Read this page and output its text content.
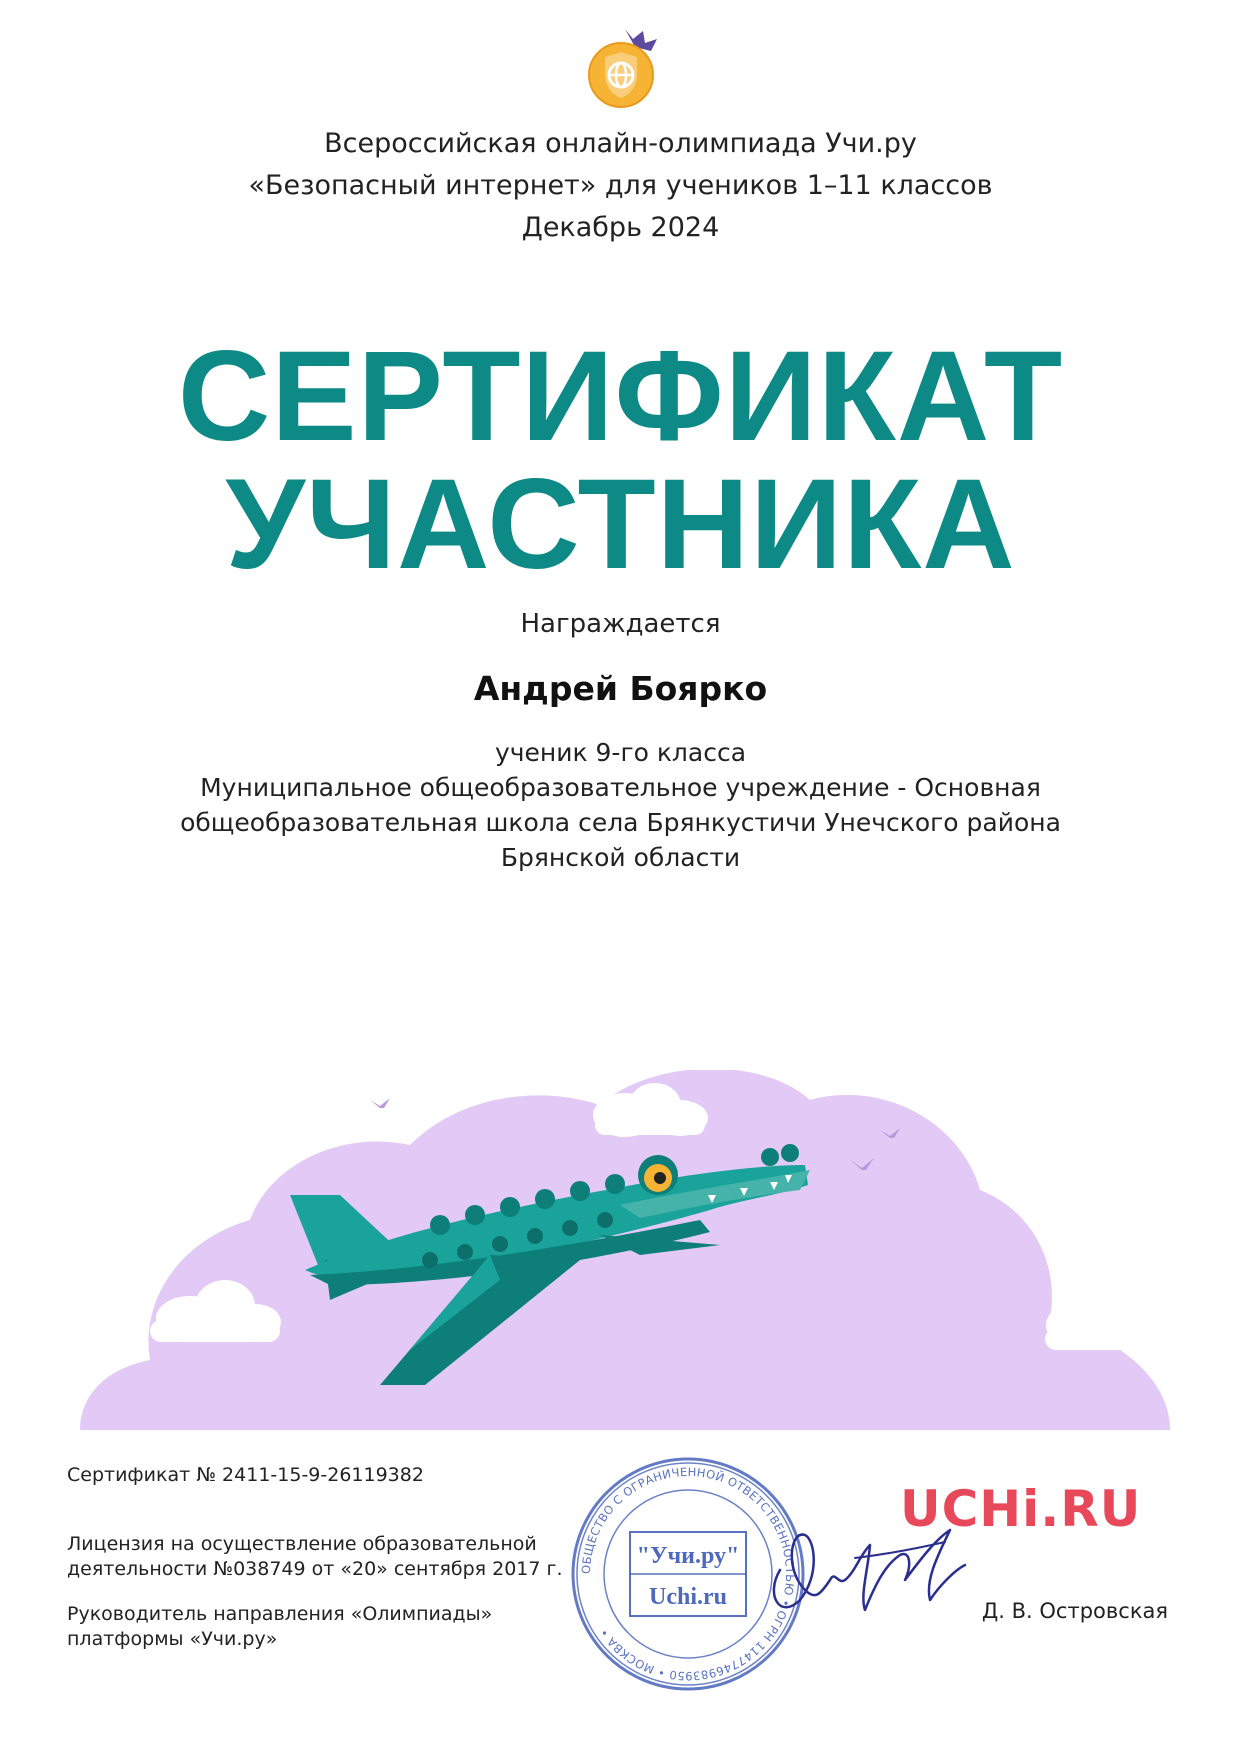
Всероссийская онлайн-олимпиада Учи.ру
«Безопасный интернет» для учеников 1–11 классов
Декабрь 2024
СЕРТИФИКАТ
УЧАСТНИКА
Награждается
Андрей Боярко
ученик 9-го класса
Муниципальное общеобразовательное учреждение - Основная
общеобразовательная школа села Брянкустичи Унечского района
Брянской области
Сертификат № 2411-15-9-26119382
Лицензия на осуществление образовательной
деятельности №038749 от «20» сентября 2017 г.
Руководитель направления «Олимпиады»
платформы «Учи.ру»
ОБЩЕСТВО С ОГРАНИЧЕННОЙ ОТВЕТСТВЕННОСТЬЮ • ОГРН 1147746983950 • МОСКВА •
"Учи.ру"
Uchi.ru
UCHi.RU
Д. В. Островская
